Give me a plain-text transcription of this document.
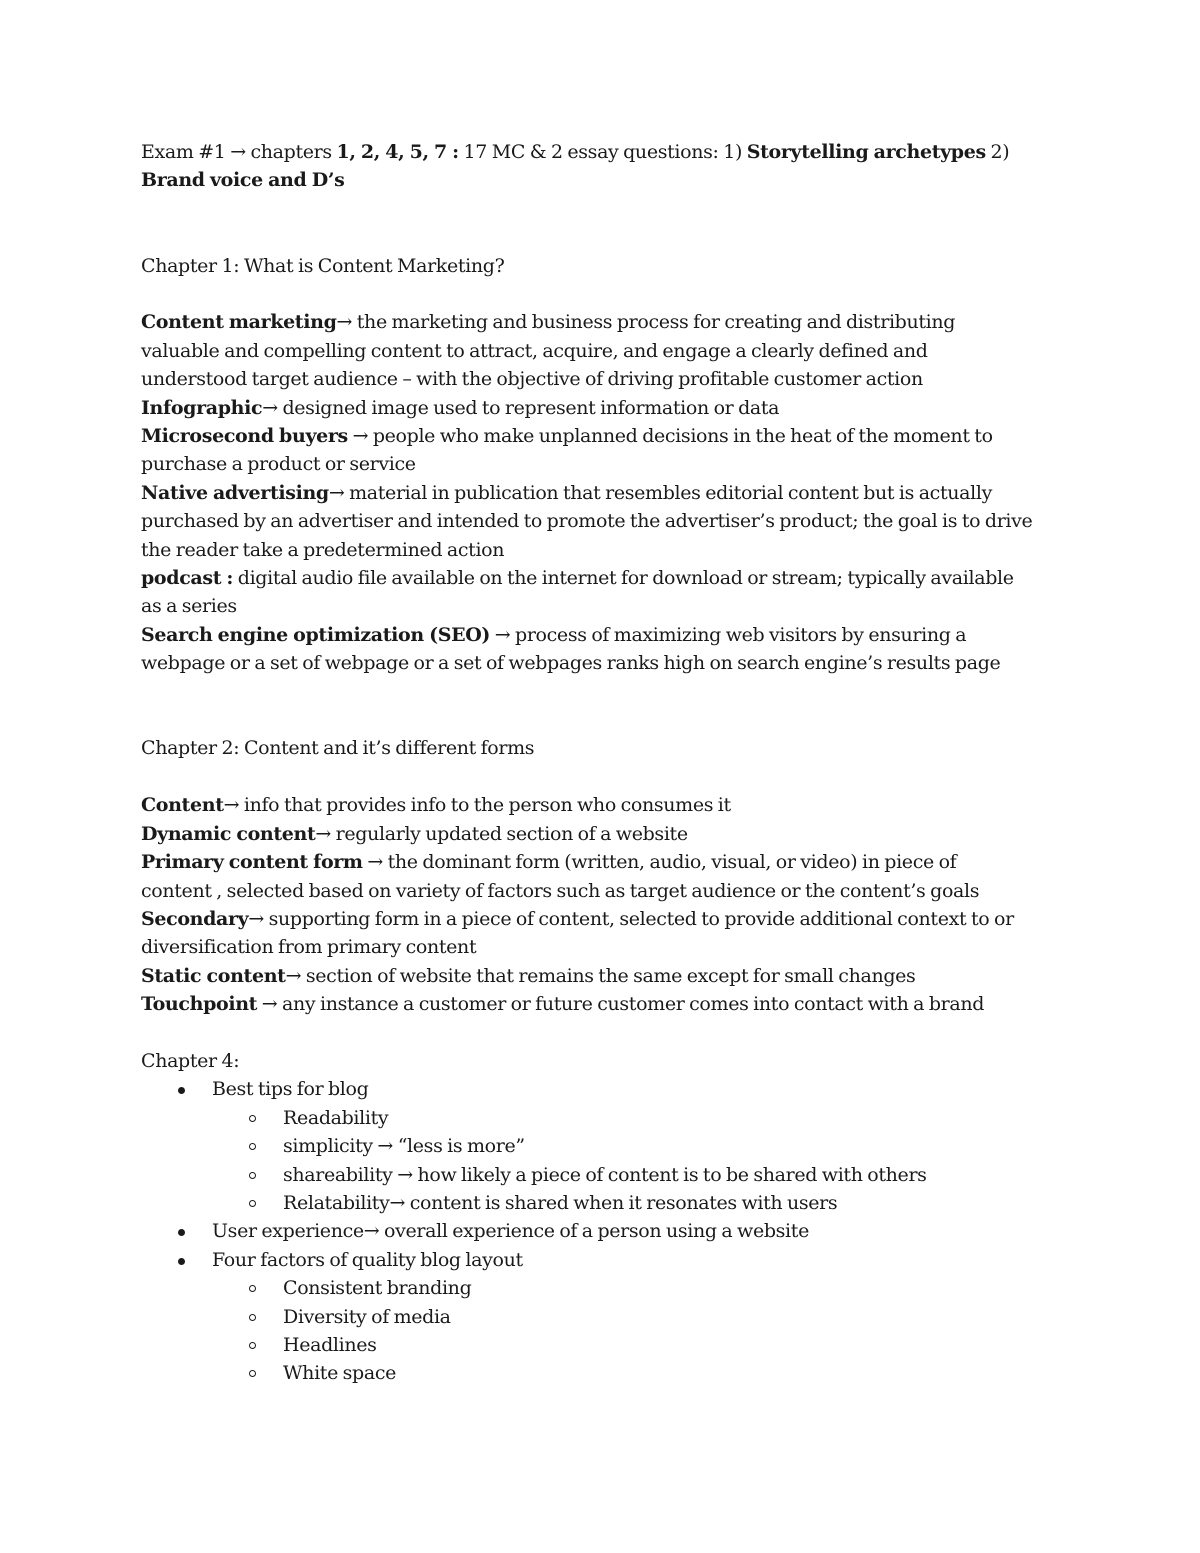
Exam #1 → chapters 1, 2, 4, 5, 7 : 17 MC & 2 essay questions: 1) Storytelling archetypes 2)
Brand voice and D’s
Chapter 1: What is Content Marketing?
Content marketing→ the marketing and business process for creating and distributing
valuable and compelling content to attract, acquire, and engage a clearly defined and
understood target audience – with the objective of driving profitable customer action
Infographic→ designed image used to represent information or data
Microsecond buyers → people who make unplanned decisions in the heat of the moment to
purchase a product or service
Native advertising→ material in publication that resembles editorial content but is actually
purchased by an advertiser and intended to promote the advertiser’s product; the goal is to drive
the reader take a predetermined action
podcast : digital audio file available on the internet for download or stream; typically available
as a series
Search engine optimization (SEO) → process of maximizing web visitors by ensuring a
webpage or a set of webpage or a set of webpages ranks high on search engine’s results page
Chapter 2: Content and it’s different forms
Content→ info that provides info to the person who consumes it
Dynamic content→ regularly updated section of a website
Primary content form → the dominant form (written, audio, visual, or video) in piece of
content , selected based on variety of factors such as target audience or the content’s goals
Secondary→ supporting form in a piece of content, selected to provide additional context to or
diversification from primary content
Static content→ section of website that remains the same except for small changes
Touchpoint → any instance a customer or future customer comes into contact with a brand
Chapter 4:
Best tips for blog
Readability
simplicity → “less is more”
shareability → how likely a piece of content is to be shared with others
Relatability→ content is shared when it resonates with users
User experience→ overall experience of a person using a website
Four factors of quality blog layout
Consistent branding
Diversity of media
Headlines
White space
